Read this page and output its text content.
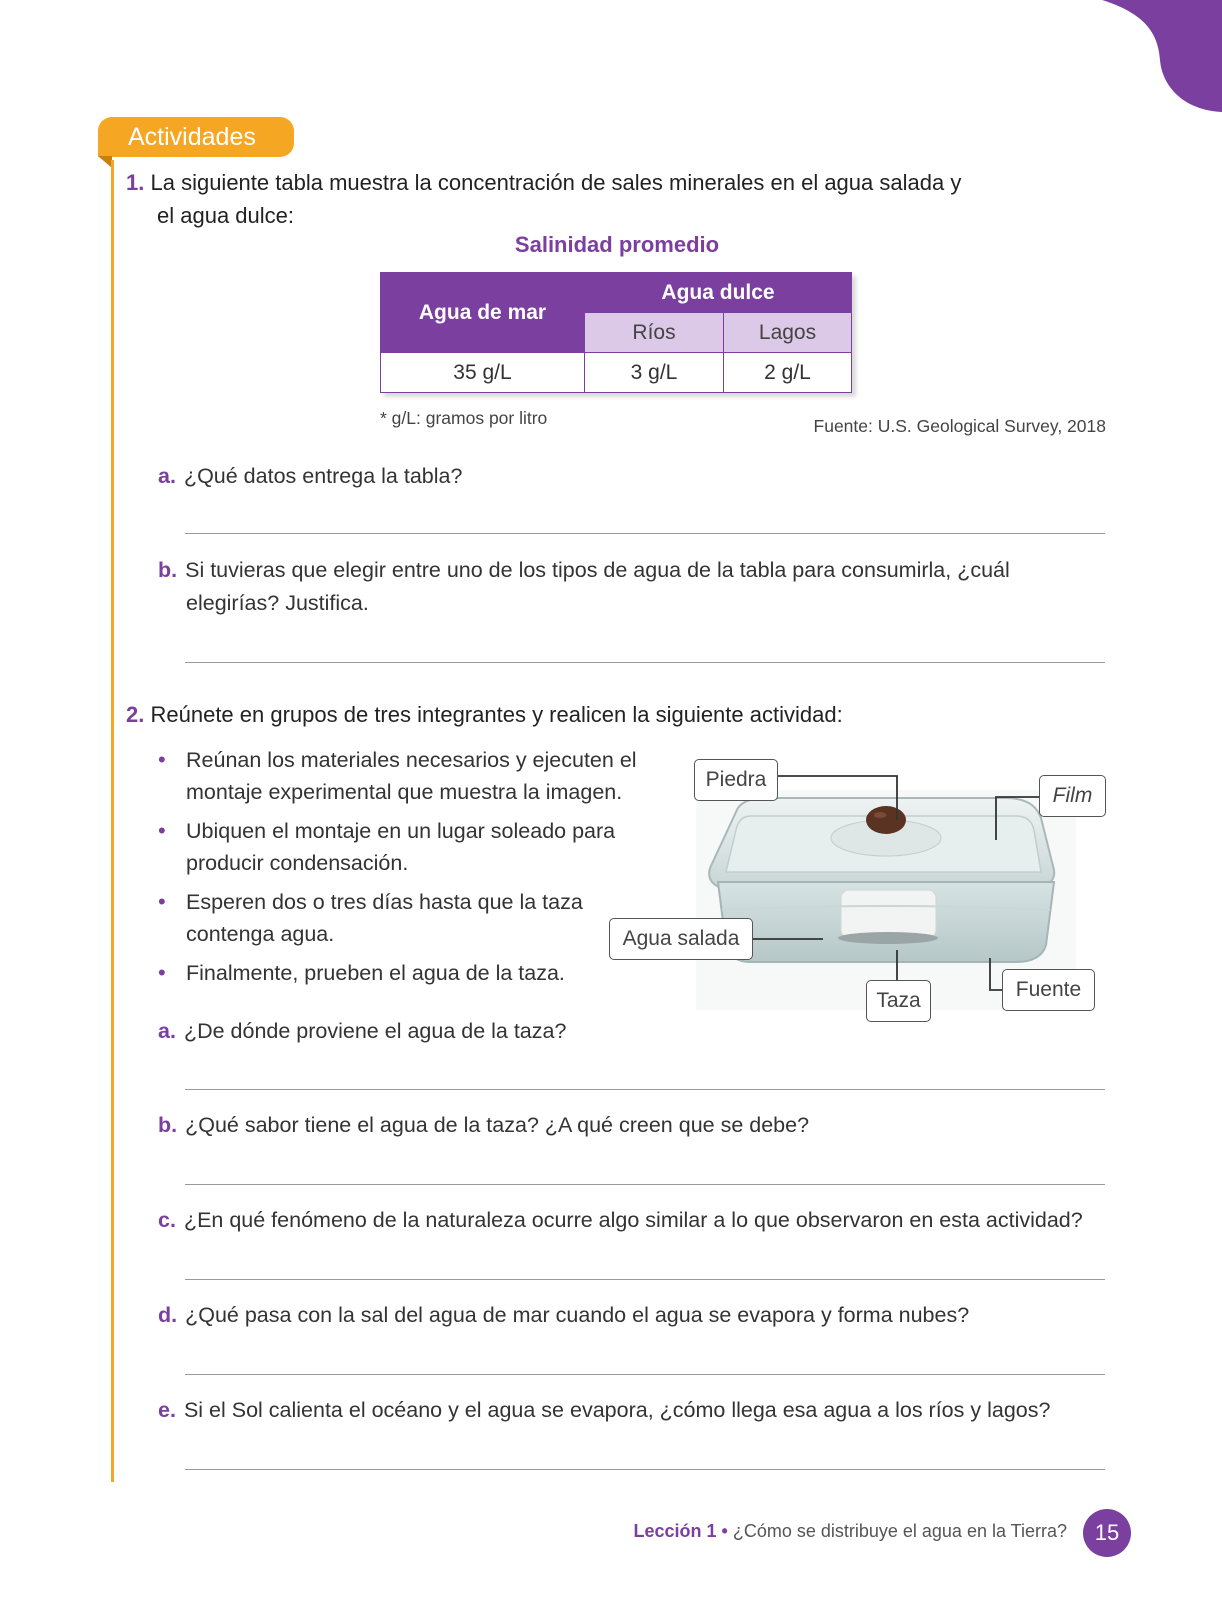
Actividades
1. La siguiente tabla muestra la concentración de sales minerales en el agua salada y
el agua dulce:
Salinidad promedio
Agua de mar	Agua dulce	
	Ríos	Lagos
35 g/L	3 g/L	2 g/L
* g/L: gramos por litro	Fuente: U.S. Geological Survey, 2018
a. ¿Qué datos entrega la tabla?
b. Si tuvieras que elegir entre uno de los tipos de agua de la tabla para consumirla, ¿cuál
elegirías? Justifica.
2. Reúnete en grupos de tres integrantes y realicen la siguiente actividad:
• Reúnan los materiales necesarios y ejecuten el
montaje experimental que muestra la imagen.
• Ubiquen el montaje en un lugar soleado para
producir condensación.
• Esperen dos o tres días hasta que la taza
contenga agua.
• Finalmente, prueben el agua de la taza.
Piedra
Film
Agua salada
Taza	Fuente
a. ¿De dónde proviene el agua de la taza?
b. ¿Qué sabor tiene el agua de la taza? ¿A qué creen que se debe?
c. ¿En qué fenómeno de la naturaleza ocurre algo similar a lo que observaron en esta actividad?
d. ¿Qué pasa con la sal del agua de mar cuando el agua se evapora y forma nubes?
e. Si el Sol calienta el océano y el agua se evapora, ¿cómo llega esa agua a los ríos y lagos?
Lección 1 • ¿Cómo se distribuye el agua en la Tierra?	15
